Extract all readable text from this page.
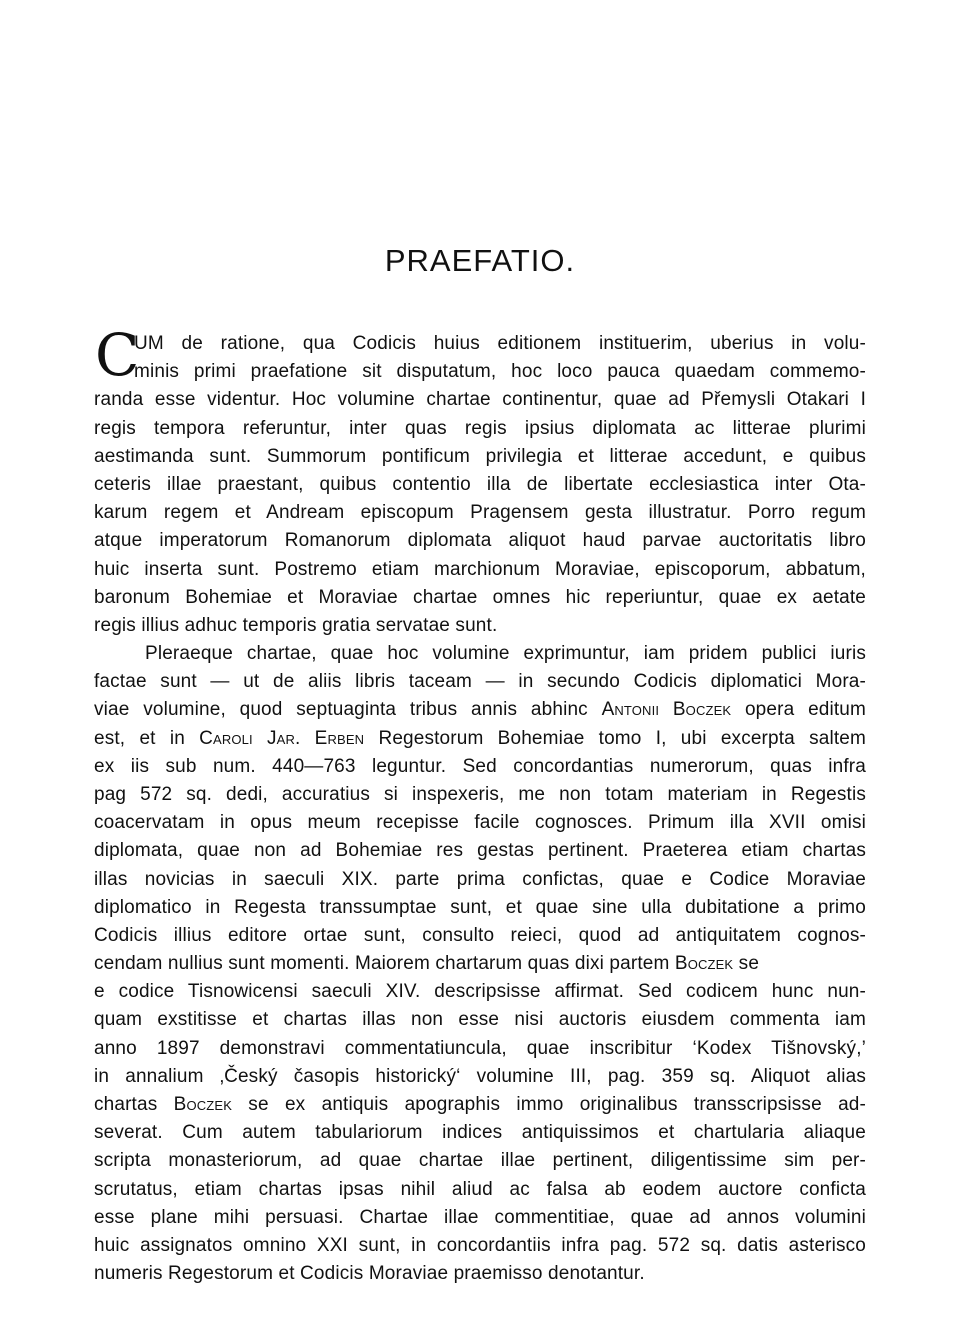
PRAEFATIO.
C
UM de ratione, qua Codicis huius editionem instituerim, uberius in volu-
minis primi praefatione sit disputatum, hoc loco pauca quaedam commemo-
randa esse videntur. Hoc volumine chartae continentur, quae ad Přemysli Otakari I
regis tempora referuntur, inter quas regis ipsius diplomata ac litterae plurimi
aestimanda sunt. Summorum pontificum privilegia et litterae accedunt, e quibus
ceteris illae praestant, quibus contentio illa de libertate ecclesiastica inter Ota-
karum regem et Andream episcopum Pragensem gesta illustratur. Porro regum
atque imperatorum Romanorum diplomata aliquot haud parvae auctoritatis libro
huic inserta sunt. Postremo etiam marchionum Moraviae, episcoporum, abbatum,
baronum Bohemiae et Moraviae chartae omnes hic reperiuntur, quae ex aetate
regis illius adhuc temporis gratia servatae sunt.
Pleraeque chartae, quae hoc volumine exprimuntur, iam pridem publici iuris
factae sunt — ut de aliis libris taceam — in secundo Codicis diplomatici Mora-
viae volumine, quod septuaginta tribus annis abhinc Antonii Boczek opera editum
est, et in Caroli Jar. Erben Regestorum Bohemiae tomo I, ubi excerpta saltem
ex iis sub num. 440—763 leguntur. Sed concordantias numerorum, quas infra
pag 572 sq. dedi, accuratius si inspexeris, me non totam materiam in Regestis
coacervatam in opus meum recepisse facile cognosces. Primum illa XVII omisi
diplomata, quae non ad Bohemiae res gestas pertinent. Praeterea etiam chartas
illas novicias in saeculi XIX. parte prima confictas, quae e Codice Moraviae
diplomatico in Regesta transsumptae sunt, et quae sine ulla dubitatione a primo
Codicis illius editore ortae sunt, consulto reieci, quod ad antiquitatem cognos-
cendam nullius sunt momenti. Maiorem chartarum quas dixi partem Boczek se
e codice Tisnowicensi saeculi XIV. descripsisse affirmat. Sed codicem hunc nun-
quam exstitisse et chartas illas non esse nisi auctoris eiusdem commenta iam
anno 1897 demonstravi commentatiuncula, quae inscribitur ‘Kodex Tišnovský,’
in annalium ‚Český časopis historický‘ volumine III, pag. 359 sq. Aliquot alias
chartas Boczek se ex antiquis apographis immo originalibus transscripsisse ad-
severat. Cum autem tabulariorum indices antiquissimos et chartularia aliaque
scripta monasteriorum, ad quae chartae illae pertinent, diligentissime sim per-
scrutatus, etiam chartas ipsas nihil aliud ac falsa ab eodem auctore conficta
esse plane mihi persuasi. Chartae illae commentitiae, quae ad annos volumini
huic assignatos omnino XXI sunt, in concordantiis infra pag. 572 sq. datis asterisco
numeris Regestorum et Codicis Moraviae praemisso denotantur.
